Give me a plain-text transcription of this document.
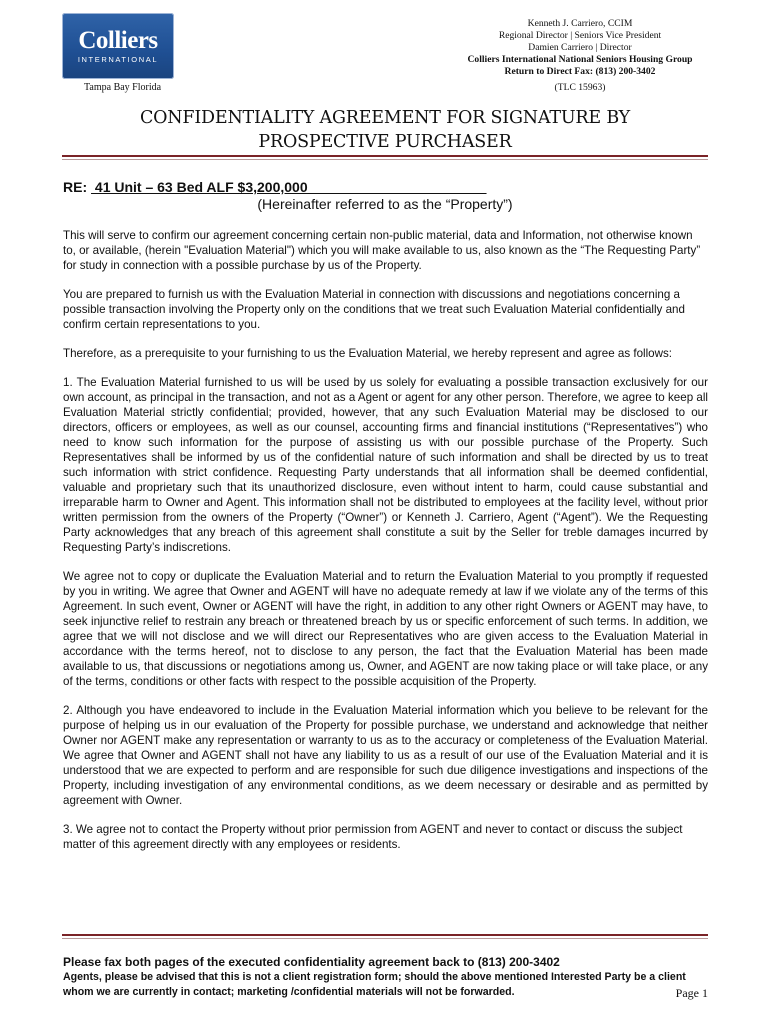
Colliers
INTERNATIONAL
Tampa Bay Florida
Kenneth J. Carriero, CCIM
Regional Director | Seniors Vice President
Damien Carriero | Director
Colliers International National Seniors Housing Group
Return to Direct Fax: (813) 200-3402
(TLC 15963)
CONFIDENTIALITY AGREEMENT FOR SIGNATURE BY
PROSPECTIVE PURCHASER
RE:  41 Unit – 63 Bed ALF $3,200,000
(Hereinafter referred to as the “Property”)

This will serve to confirm our agreement concerning certain non-public material, data and Information, not otherwise known to, or available, (herein "Evaluation Material") which you will make available to us, also known as the “The Requesting Party” for study in connection with a possible purchase by us of the Property.

You are prepared to furnish us with the Evaluation Material in connection with discussions and negotiations concerning a possible transaction involving the Property only on the conditions that we treat such Evaluation Material confidentially and confirm certain representations to you.

Therefore, as a prerequisite to your furnishing to us the Evaluation Material, we hereby represent and agree as follows:

1. The Evaluation Material furnished to us will be used by us solely for evaluating a possible transaction exclusively for our own account, as principal in the transaction, and not as a Agent or agent for any other person. Therefore, we agree to keep all Evaluation Material strictly confidential; provided, however, that any such Evaluation Material may be disclosed to our directors, officers or employees, as well as our counsel, accounting firms and financial institutions (“Representatives”) who need to know such information for the purpose of assisting us with our possible purchase of the Property. Such Representatives shall be informed by us of the confidential nature of such information and shall be directed by us to treat such information with strict confidence. Requesting Party understands that all information shall be deemed confidential, valuable and proprietary such that its unauthorized disclosure, even without intent to harm, could cause substantial and irreparable harm to Owner and Agent. This information shall not be distributed to employees at the facility level, without prior written permission from the owners of the Property (“Owner”) or Kenneth J. Carriero, Agent (“Agent”). We the Requesting Party acknowledges that any breach of this agreement shall constitute a suit by the Seller for treble damages incurred by Requesting Party’s indiscretions.

We agree not to copy or duplicate the Evaluation Material and to return the Evaluation Material to you promptly if requested by you in writing. We agree that Owner and AGENT will have no adequate remedy at law if we violate any of the terms of this Agreement. In such event, Owner or AGENT will have the right, in addition to any other right Owners or AGENT may have, to seek injunctive relief to restrain any breach or threatened breach by us or specific enforcement of such terms. In addition, we agree that we will not disclose and we will direct our Representatives who are given access to the Evaluation Material in accordance with the terms hereof, not to disclose to any person, the fact that the Evaluation Material has been made available to us, that discussions or negotiations among us, Owner, and AGENT are now taking place or will take place, or any of the terms, conditions or other facts with respect to the possible acquisition of the Property.

2. Although you have endeavored to include in the Evaluation Material information which you believe to be relevant for the purpose of helping us in our evaluation of the Property for possible purchase, we understand and acknowledge that neither Owner nor AGENT make any representation or warranty to us as to the accuracy or completeness of the Evaluation Material. We agree that Owner and AGENT shall not have any liability to us as a result of our use of the Evaluation Material and it is understood that we are expected to perform and are responsible for such due diligence investigations and inspections of the Property, including investigation of any environmental conditions, as we deem necessary or desirable and as permitted by agreement with Owner.

3. We agree not to contact the Property without prior permission from AGENT and never to contact or discuss the subject matter of this agreement directly with any employees or residents.

Please fax both pages of the executed confidentiality agreement back to (813) 200-3402
Agents, please be advised that this is not a client registration form; should the above mentioned Interested Party be a client whom we are currently in contact; marketing /confidential materials will not be forwarded.	Page 1
